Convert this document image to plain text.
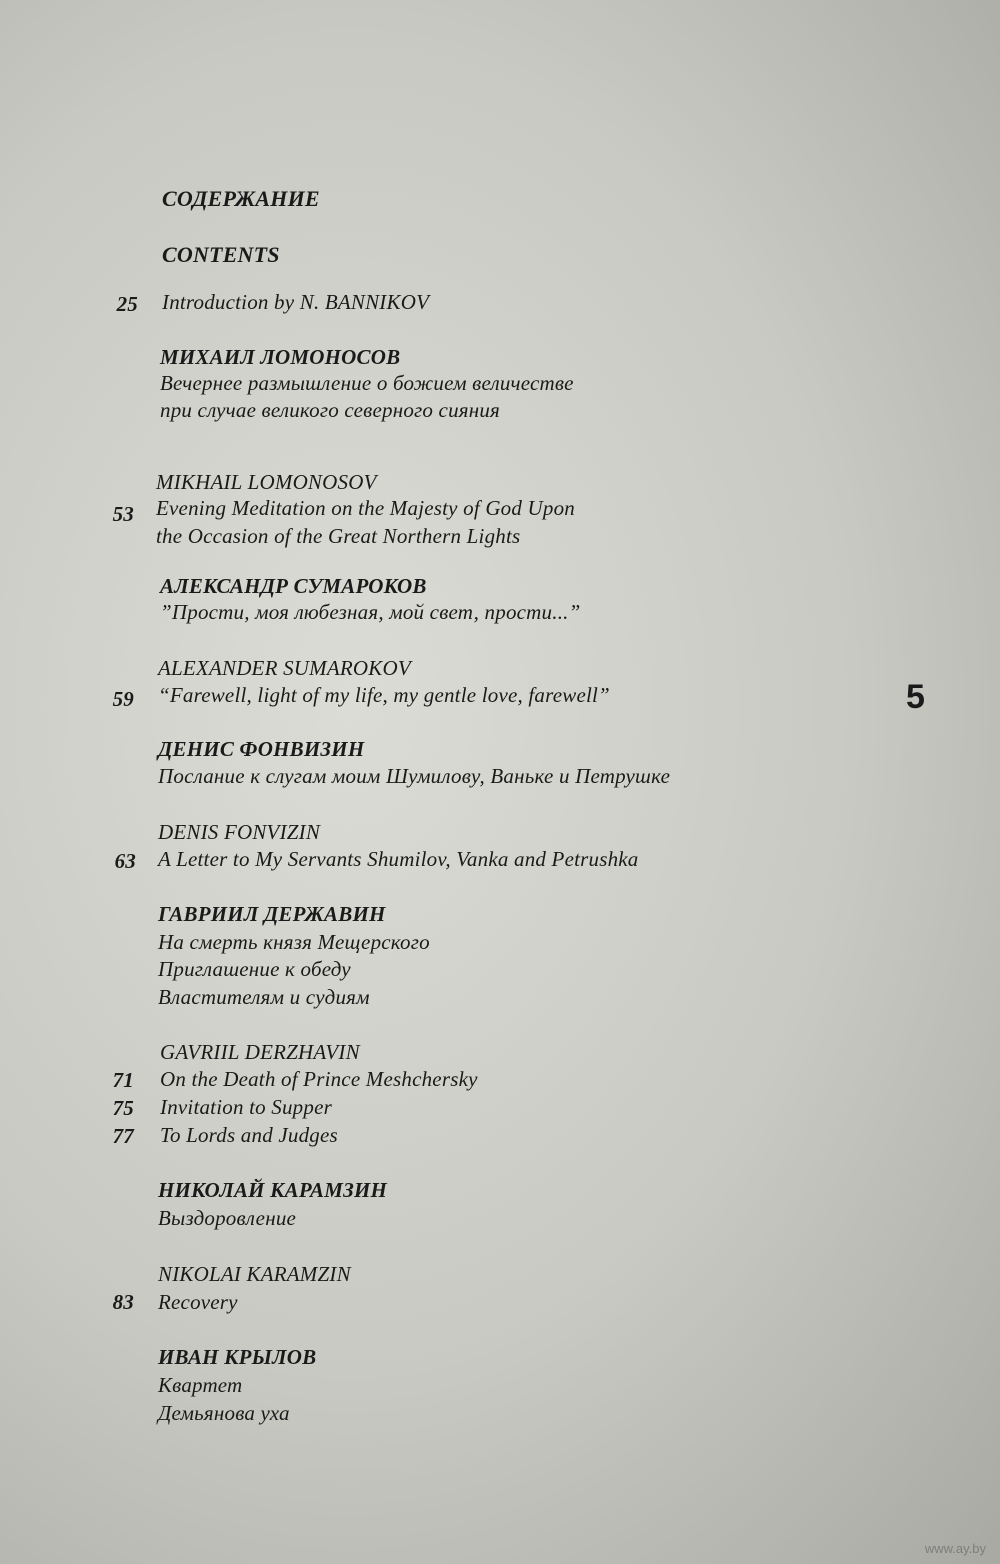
СОДЕРЖАНИЕ
CONTENTS
25 Introduction by N. BANNIKOV
МИХАИЛ ЛОМОНОСОВ
Вечернее размышление о божием величестве
при случае великого северного сияния
MIKHAIL LOMONOSOV
53 Evening Meditation on the Majesty of God Upon
the Occasion of the Great Northern Lights
АЛЕКСАНДР СУМАРОКОВ
”Прости, моя любезная, мой свет, прости...”
ALEXANDER SUMAROKOV
59 “Farewell, light of my life, my gentle love, farewell”
ДЕНИС ФОНВИЗИН
Послание к слугам моим Шумилову, Ваньке и Петрушке
DENIS FONVIZIN
63 A Letter to My Servants Shumilov, Vanka and Petrushka
ГАВРИИЛ ДЕРЖАВИН
На смерть князя Мещерского
Приглашение к обеду
Властителям и судиям
GAVRIIL DERZHAVIN
71 On the Death of Prince Meshchersky
75 Invitation to Supper
77 To Lords and Judges
НИКОЛАЙ КАРАМЗИН
Выздоровление
NIKOLAI KARAMZIN
83 Recovery
ИВАН КРЫЛОВ
Квартет
Демьянова уха
5
www.ay.by
